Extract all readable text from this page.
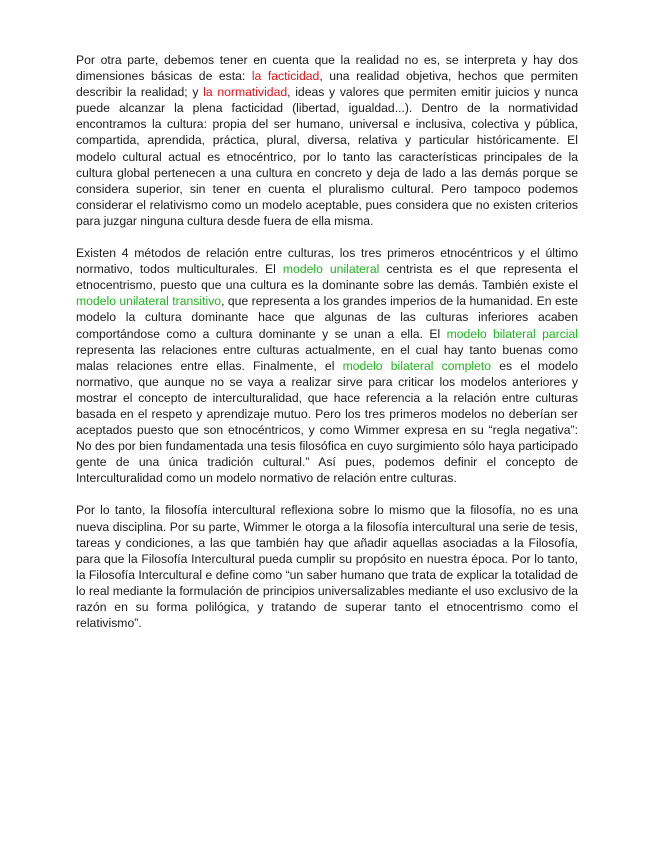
Por otra parte, debemos tener en cuenta que la realidad no es, se interpreta y hay dos dimensiones básicas de esta: la facticidad, una realidad objetiva, hechos que permiten describir la realidad; y la normatividad, ideas y valores que permiten emitir juicios y nunca puede alcanzar la plena facticidad (libertad, igualdad...). Dentro de la normatividad encontramos la cultura: propia del ser humano, universal e inclusiva, colectiva y pública, compartida, aprendida, práctica, plural, diversa, relativa y particular históricamente. El modelo cultural actual es etnocéntrico, por lo tanto las características principales de la cultura global pertenecen a una cultura en concreto y deja de lado a las demás porque se considera superior, sin tener en cuenta el pluralismo cultural. Pero tampoco podemos considerar el relativismo como un modelo aceptable, pues considera que no existen criterios para juzgar ninguna cultura desde fuera de ella misma.

Existen 4 métodos de relación entre culturas, los tres primeros etnocéntricos y el último normativo, todos multiculturales. El modelo unilateral centrista es el que representa el etnocentrismo, puesto que una cultura es la dominante sobre las demás. También existe el modelo unilateral transitivo, que representa a los grandes imperios de la humanidad. En este modelo la cultura dominante hace que algunas de las culturas inferiores acaben comportándose como a cultura dominante y se unan a ella. El modelo bilateral parcial representa las relaciones entre culturas actualmente, en el cual hay tanto buenas como malas relaciones entre ellas. Finalmente, el modelo bilateral completo es el modelo normativo, que aunque no se vaya a realizar sirve para criticar los modelos anteriores y mostrar el concepto de interculturalidad, que hace referencia a la relación entre culturas basada en el respeto y aprendizaje mutuo. Pero los tres primeros modelos no deberían ser aceptados puesto que son etnocéntricos, y como Wimmer expresa en su “regla negativa”: No des por bien fundamentada una tesis filosófica en cuyo surgimiento sólo haya participado gente de una única tradición cultural.” Así pues, podemos definir el concepto de Interculturalidad como un modelo normativo de relación entre culturas.

Por lo tanto, la filosofía intercultural reflexiona sobre lo mismo que la filosofía, no es una nueva disciplina. Por su parte, Wimmer le otorga a la filosofía intercultural una serie de tesis, tareas y condiciones, a las que también hay que añadir aquellas asociadas a la Filosofía, para que la Filosofía Intercultural pueda cumplir su propósito en nuestra época. Por lo tanto, la Filosofía Intercultural e define como “un saber humano que trata de explicar la totalidad de lo real mediante la formulación de principios universalizables mediante el uso exclusivo de la razón en su forma polilógica, y tratando de superar tanto el etnocentrismo como el relativismo”.
